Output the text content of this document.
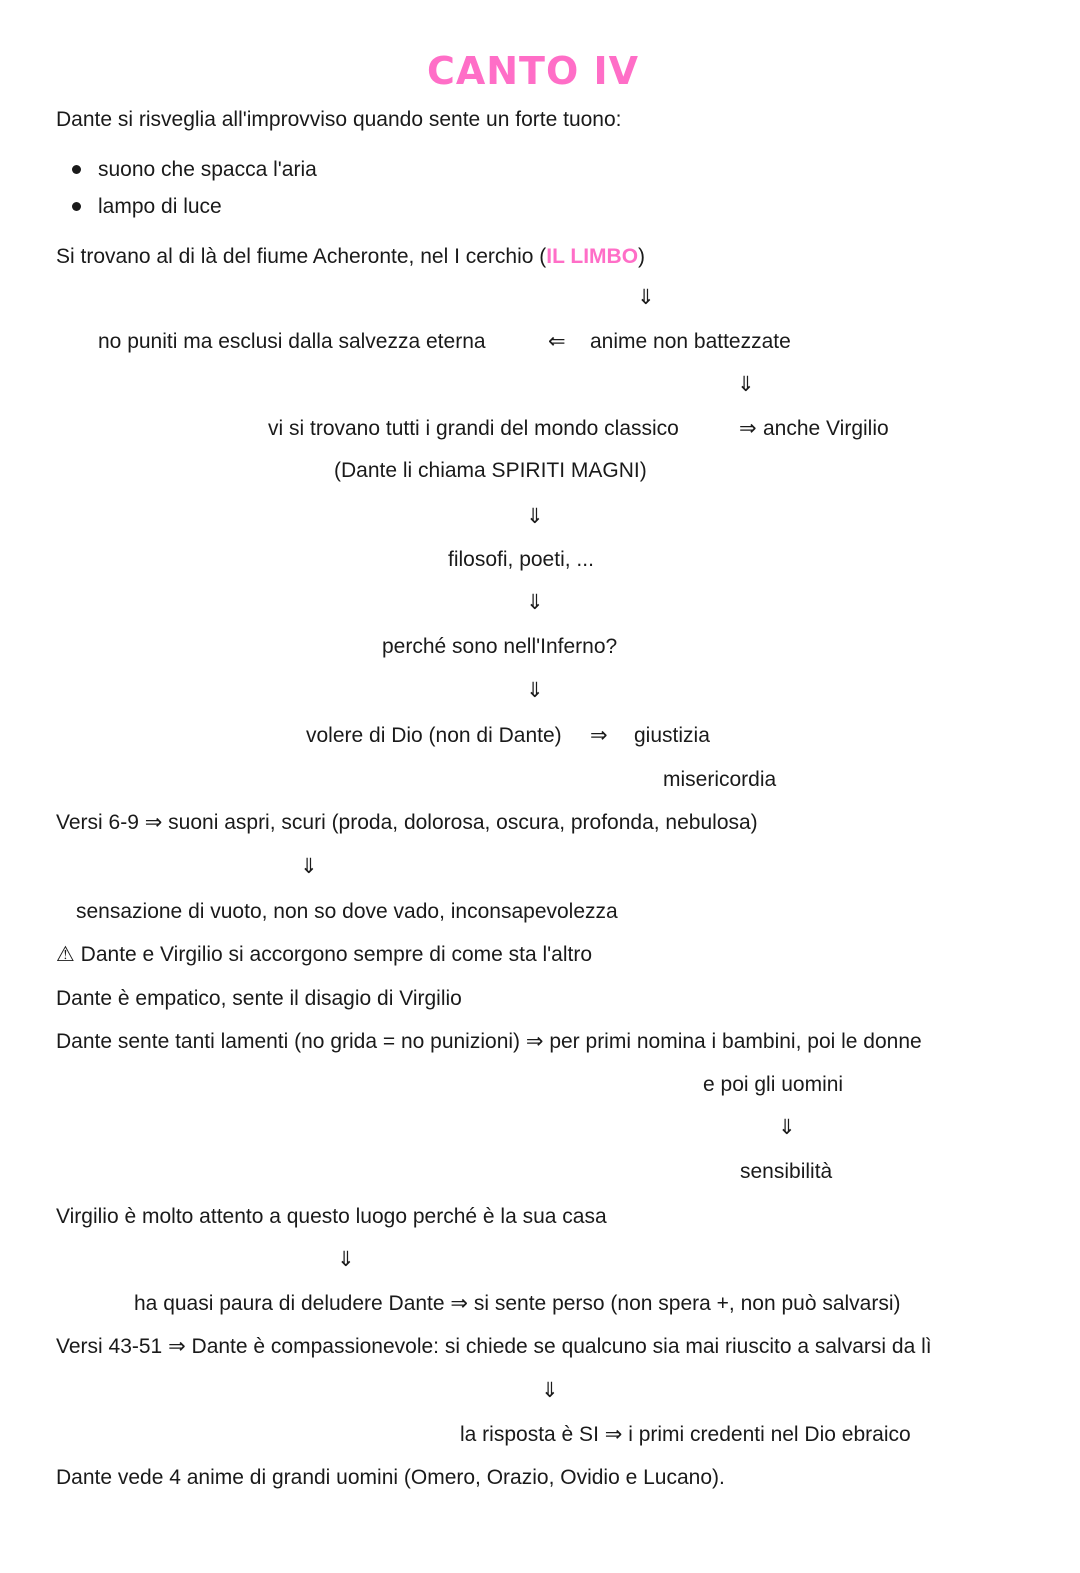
CANTO IV
Dante si risveglia all'improvviso quando sente un forte tuono:
suono che spacca l'aria
lampo di luce
Si trovano al di là del fiume Acheronte, nel I cerchio (IL LIMBO)
⇓
no puniti ma esclusi dalla salvezza eterna	⇐ anime non battezzate
⇓
vi si trovano tutti i grandi del mondo classico	⇒ anche Virgilio
(Dante li chiama SPIRITI MAGNI)
⇓
filosofi, poeti, ...
⇓
perché sono nell'Inferno?
⇓
volere di Dio (non di Dante) ⇒ giustizia
misericordia
Versi 6-9 ⇒ suoni aspri, scuri (proda, dolorosa, oscura, profonda, nebulosa)
⇓
sensazione di vuoto, non so dove vado, inconsapevolezza
⚠ Dante e Virgilio si accorgono sempre di come sta l'altro
Dante è empatico, sente il disagio di Virgilio
Dante sente tanti lamenti (no grida = no punizioni) ⇒ per primi nomina i bambini, poi le donne
e poi gli uomini
⇓
sensibilità
Virgilio è molto attento a questo luogo perché è la sua casa
⇓
ha quasi paura di deludere Dante ⇒ si sente perso (non spera +, non può salvarsi)
Versi 43-51 ⇒ Dante è compassionevole: si chiede se qualcuno sia mai riuscito a salvarsi da lì
⇓
la risposta è SI ⇒ i primi credenti nel Dio ebraico
Dante vede 4 anime di grandi uomini (Omero, Orazio, Ovidio e Lucano).
